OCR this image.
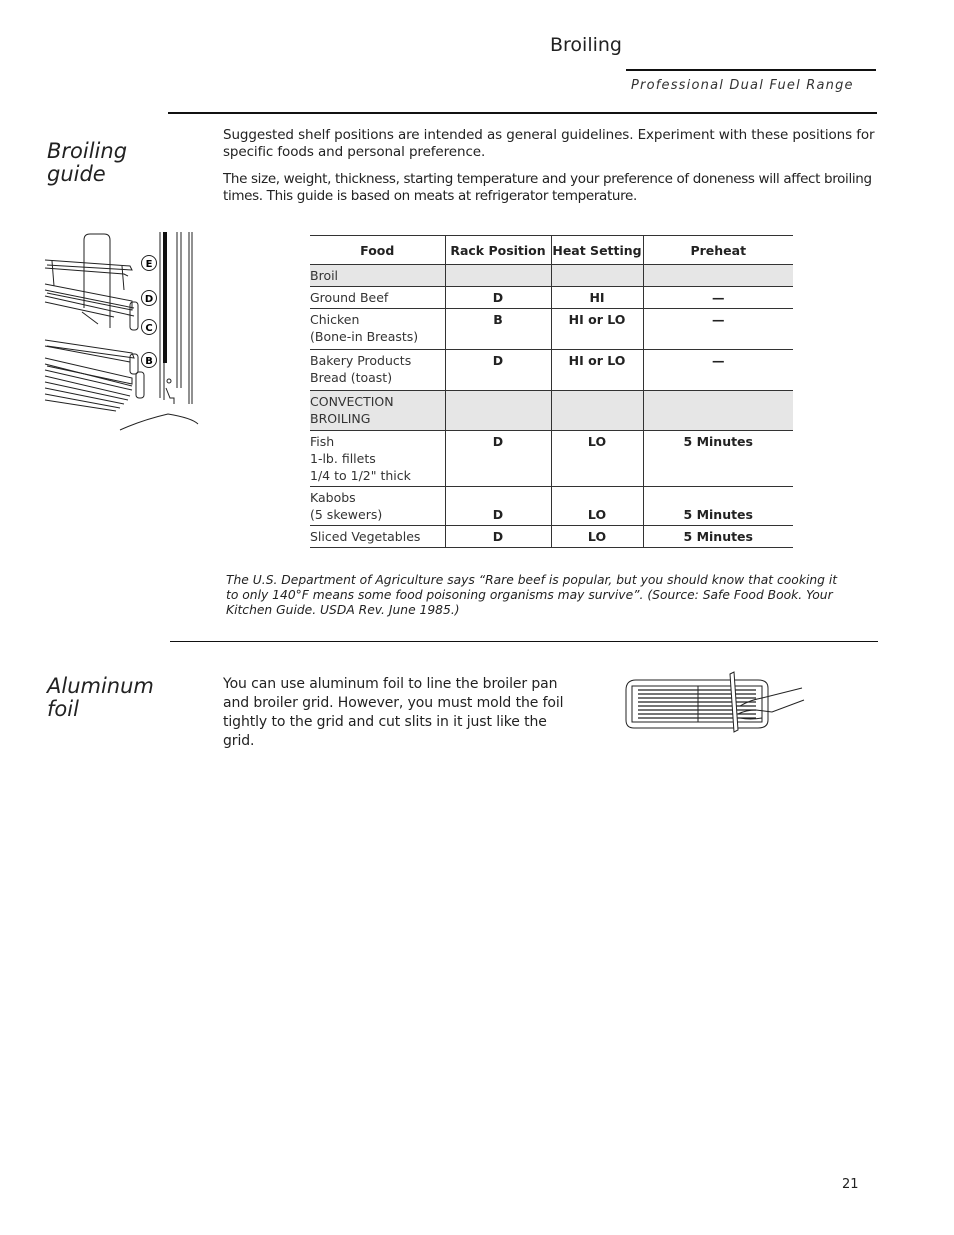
Broiling
Professional Dual Fuel Range
Broiling guide
Suggested shelf positions are intended as general guidelines. Experiment with these positions for specific foods and personal preference.
The size, weight, thickness, starting temperature and your preference of doneness will affect broiling times. This guide is based on meats at refrigerator temperature.
E
D
C
B
Food	Rack Position	Heat Setting	Preheat

Broil			

Ground Beef	D	HI	—

Chicken
(Bone-in Breasts)	B	HI or LO	—

Bakery Products
Bread (toast)	D	HI or LO	—

CONVECTION
BROILING			

Fish
1-lb. fillets
1/4 to 1/2" thick	D	LO	5 Minutes

Kabobs
(5 skewers)	D	LO	5 Minutes

Sliced Vegetables	D	LO	5 Minutes
The U.S. Department of Agriculture says “Rare beef is popular, but you should know that cooking it to only 140°F means some food poisoning organisms may survive”. (Source: Safe Food Book. Your Kitchen Guide. USDA Rev. June 1985.)
Aluminum foil
You can use aluminum foil to line the broiler pan and broiler grid. However, you must mold the foil tightly to the grid and cut slits in it just like the grid.
21
